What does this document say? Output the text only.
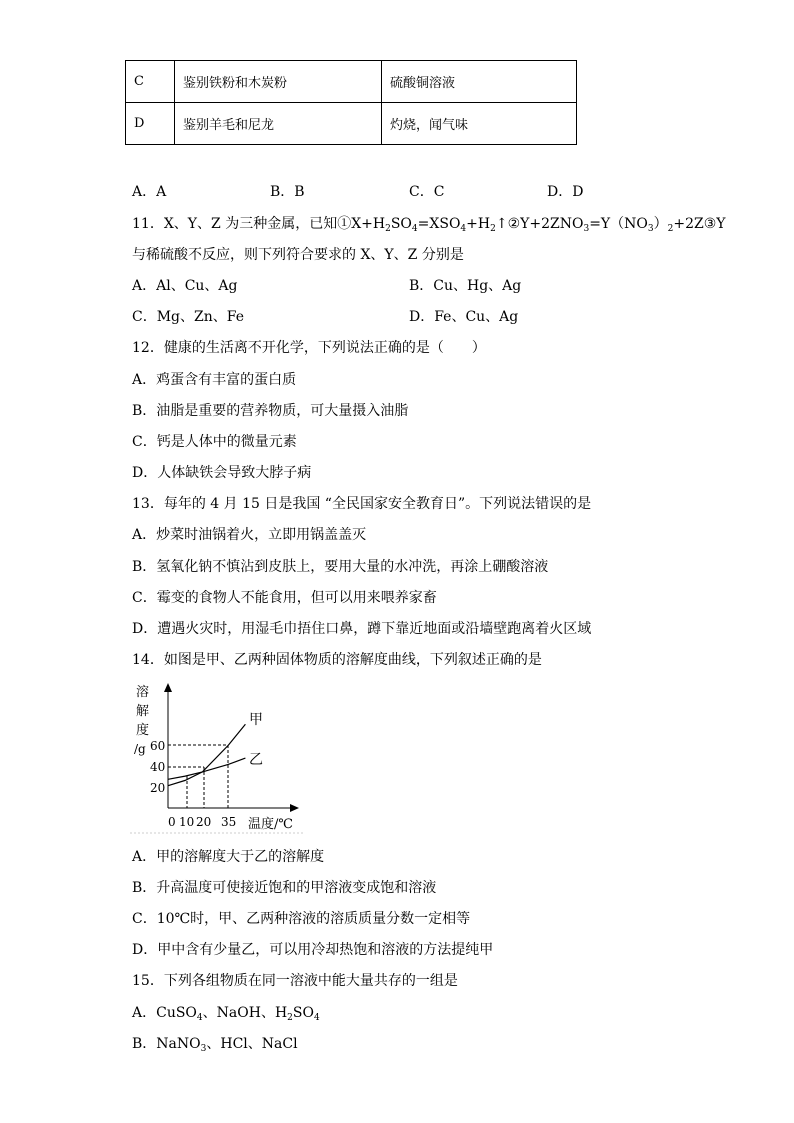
C	鉴别铁粉和木炭粉	硫酸铜溶液
D	鉴别羊毛和尼龙	灼烧，闻气味
A．A	B．B	C．C	D．D
11．X、Y、Z 为三种金属，已知$①X+H_2SO_4=XSO_4+H_2↑②Y+2ZNO_3=Y(NO_3)_2+2Z③Y$
与稀硫酸不反应，则下列符合要求的 X、Y、Z 分别是
A．Al、Cu、Ag	B．Cu、Hg、Ag
C．Mg、Zn、Fe	D．Fe、Cu、Ag
12．健康的生活离不开化学，下列说法正确的是（　　）
A．鸡蛋含有丰富的蛋白质
B．油脂是重要的营养物质，可大量摄入油脂
C．钙是人体中的微量元素
D．人体缺铁会导致大脖子病
13．每年的 4 月 15 日是我国 “全民国家安全教育日”。下列说法错误的是
A．炒菜时油锅着火，立即用锅盖盖灭
B．氢氧化钠不慎沾到皮肤上，要用大量的水冲洗，再涂上硼酸溶液
C．霉变的食物人不能食用，但可以用来喂养家畜
D．遭遇火灾时，用湿毛巾捂住口鼻，蹲下靠近地面或沿墙壁跑离着火区域
14．如图是甲、乙两种固体物质的溶解度曲线，下列叙述正确的是
溶
解
度
/g 60
40
20
0 10 20 35 温度/℃
甲
乙
A．甲的溶解度大于乙的溶解度
B．升高温度可使接近饱和的甲溶液变成饱和溶液
C．10℃时，甲、乙两种溶液的溶质质量分数一定相等
D．甲中含有少量乙，可以用冷却热饱和溶液的方法提纯甲
15．下列各组物质在同一溶液中能大量共存的一组是
A．CuSO$_4$、NaOH、$H_2SO_4$
B．NaNO$_3$、HCl、NaCl
